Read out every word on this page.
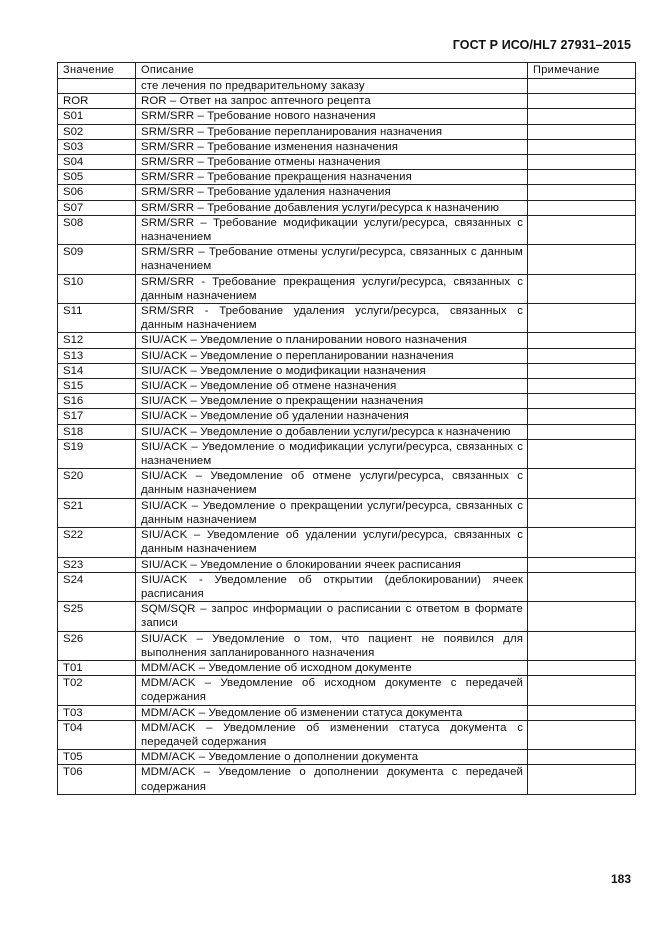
ГОСТ Р ИСО/HL7 27931–2015
Значение	Описание	Примечание
	сте лечения по предварительному заказу	
ROR	ROR – Ответ на запрос аптечного рецепта	
S01	SRM/SRR – Требование нового назначения	
S02	SRM/SRR – Требование перепланирования назначения	
S03	SRM/SRR – Требование изменения назначения	
S04	SRM/SRR – Требование отмены назначения	
S05	SRM/SRR – Требование прекращения назначения	
S06	SRM/SRR – Требование удаления назначения	
S07	SRM/SRR – Требование добавления услуги/ресурса к назначению	
S08	SRM/SRR – Требование модификации услуги/ресурса, связанных с назначением	
S09	SRM/SRR – Требование отмены услуги/ресурса, связанных с данным назначением	
S10	SRM/SRR - Требование прекращения услуги/ресурса, связанных с данным назначением	
S11	SRM/SRR - Требование удаления услуги/ресурса, связанных с данным назначением	
S12	SIU/ACK – Уведомление о планировании нового назначения	
S13	SIU/ACK – Уведомление о перепланировании назначения	
S14	SIU/ACK – Уведомление о модификации назначения	
S15	SIU/ACK – Уведомление об отмене назначения	
S16	SIU/ACK – Уведомление о прекращении назначения	
S17	SIU/ACK – Уведомление об удалении назначения	
S18	SIU/ACK – Уведомление о добавлении услуги/ресурса к назначению	
S19	SIU/ACK – Уведомление о модификации услуги/ресурса, связанных с назначением	
S20	SIU/ACK – Уведомление об отмене услуги/ресурса, связанных с данным назначением	
S21	SIU/ACK – Уведомление о прекращении услуги/ресурса, связанных с данным назначением	
S22	SIU/ACK – Уведомление об удалении услуги/ресурса, связанных с данным назначением	
S23	SIU/ACK – Уведомление о блокировании ячеек расписания	
S24	SIU/ACK - Уведомление об открытии (деблокировании) ячеек расписания	
S25	SQM/SQR – запрос информации о расписании с ответом в формате записи	
S26	SIU/ACK – Уведомление о том, что пациент не появился для выполнения запланированного назначения	
T01	MDM/ACK – Уведомление об исходном документе	
T02	MDM/ACK – Уведомление об исходном документе с передачей содержания	
T03	MDM/ACK – Уведомление об изменении статуса документа	
T04	MDM/ACK – Уведомление об изменении статуса документа с передачей содержания	
T05	MDM/ACK – Уведомление о дополнении документа	
T06	MDM/ACK – Уведомление о дополнении документа с передачей содержания	
183
